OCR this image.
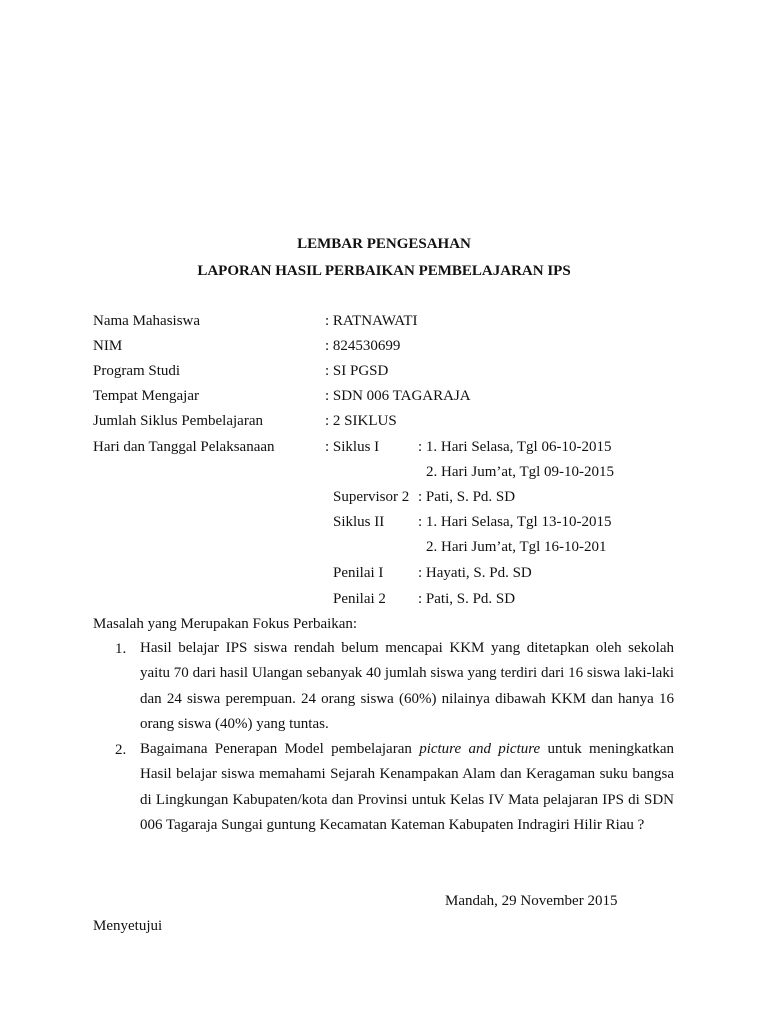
LEMBAR PENGESAHAN
LAPORAN HASIL PERBAIKAN PEMBELAJARAN IPS
Nama Mahasiswa	: RATNAWATI
NIM	: 824530699
Program Studi	: SI PGSD
Tempat Mengajar	: SDN 006 TAGARAJA
Jumlah Siklus Pembelajaran	: 2 SIKLUS
Hari dan Tanggal Pelaksanaan	: Siklus I	: 1. Hari Selasa, Tgl 06-10-2015
2. Hari Jum’at, Tgl 09-10-2015
Supervisor 2 : Pati, S. Pd. SD
Siklus II : 1. Hari Selasa, Tgl 13-10-2015
2. Hari Jum’at, Tgl 16-10-201
Penilai I : Hayati, S. Pd. SD
Penilai 2 : Pati, S. Pd. SD
Masalah yang Merupakan Fokus Perbaikan:
1. Hasil belajar IPS siswa rendah belum mencapai KKM yang ditetapkan oleh sekolah yaitu 70 dari hasil Ulangan sebanyak 40 jumlah siswa yang terdiri dari 16 siswa laki-laki dan 24 siswa perempuan. 24 orang siswa (60%) nilainya dibawah KKM dan hanya 16 orang siswa (40%) yang tuntas.
2. Bagaimana Penerapan Model pembelajaran picture and picture untuk meningkatkan Hasil belajar siswa memahami Sejarah Kenampakan Alam dan Keragaman suku bangsa di Lingkungan Kabupaten/kota dan Provinsi untuk Kelas IV Mata pelajaran IPS di SDN 006 Tagaraja Sungai guntung Kecamatan Kateman Kabupaten Indragiri Hilir Riau ?
Mandah, 29 November 2015
Menyetujui
